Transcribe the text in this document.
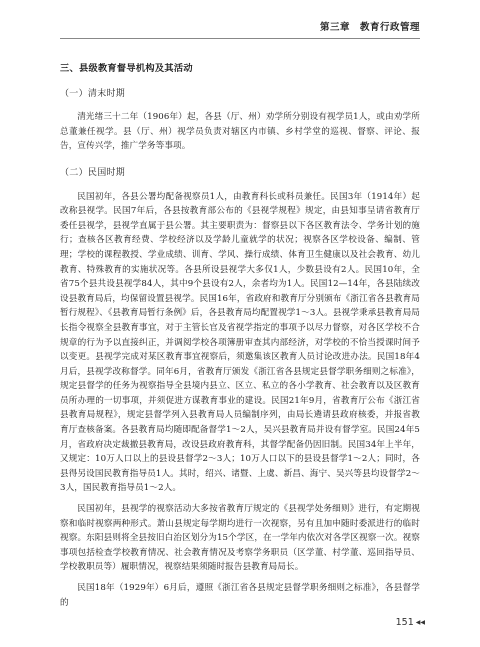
第三章　教育行政管理
三、县级教育督导机构及其活动
（一）清末时期

清光绪三十二年（1906年）起，各县（厅、州）劝学所分别设有视学员1人，或由劝学所总董兼任视学。县（厅、州）视学员负责对辖区内市镇、乡村学堂的巡视、督察、评论、报告，宣传兴学，推广学务等事项。

（二）民国时期

民国初年，各县公署均配备视察员1人，由教育科长或科员兼任。民国3年（1914年）起改称县视学。民国7年后，各县按教育部公布的《县视学规程》规定，由县知事呈请省教育厅委任县视学，县视学直属于县公署。其主要职责为：督察县以下各区教育法令、学务计划的施行；查核各区教育经费、学校经济以及学龄儿童就学的状况；视察各区学校设备、编制、管理；学校的课程教授、学业成绩、训育、学风、操行成绩、体育卫生健康以及社会教育、幼儿教育、特殊教育的实施状况等。各县所设县视学大多仅1人，少数县设有2人。民国10年，全省75个县共设县视学84人，其中9个县设有2人，余者均为1人。民国12—14年，各县陆续改设县教育局后，均保留设置县视学。民国16年，省政府和教育厅分别颁布《浙江省各县教育局暂行规程》、《县教育局暂行条例》后，各县教育局均配置视学1～3人。县视学秉承县教育局局长指令视察全县教育事宜，对于主管长官及省视学指定的事项予以尽力督察，对各区学校不合规章的行为予以直接纠正，并调阅学校各项簿册审查其内部经济，对学校的不恰当授课时间予以变更。县视学完成对某区教育事宜视察后，须邀集该区教育人员讨论改进办法。民国18年4月后，县视学改称督学。同年6月，省教育厅颁发《浙江省各县规定县督学职务细则之标准》，规定县督学的任务为视察指导全县境内县立、区立、私立的各小学教育、社会教育以及区教育员所办理的一切事项，并须促进方谋教育事业的建设。民国21年9月，省教育厅公布《浙江省县教育局规程》，规定县督学列入县教育局人员编制序列，由局长遴请县政府核委，并报省教育厅查核备案。各县教育局均随即配备督学1～2人，吴兴县教育局并设有督学室。民国24年5月，省政府决定裁撤县教育局，改设县政府教育科，其督学配备仍因旧制。民国34年上半年，又规定：10万人口以上的县设县督学2～3人；10万人口以下的县设县督学1～2人；同时，各县得另设国民教育指导员1人。其时，绍兴、诸暨、上虞、新昌、海宁、吴兴等县均设督学2～3人，国民教育指导员1～2人。

民国初年，县视学的视察活动大多按省教育厅规定的《县视学处务细则》进行，有定期视察和临时视察两种形式。萧山县规定每学期均进行一次视察，另有且加申随时委派进行的临时视察。东阳县则将全县按旧白治区划分为15个学区，在一学年内依次对各学区视察一次。视察事项包括检查学校教育情况、社会教育情况及考察学务职员（区学董、村学董、巡回指导员、学校教职员等）履职情况，视察结果须随时报告县教育局局长。

民国18年（1929年）6月后，遵照《浙江省各县规定县督学职务细则之标准》，各县督学的

151 ◀◀
